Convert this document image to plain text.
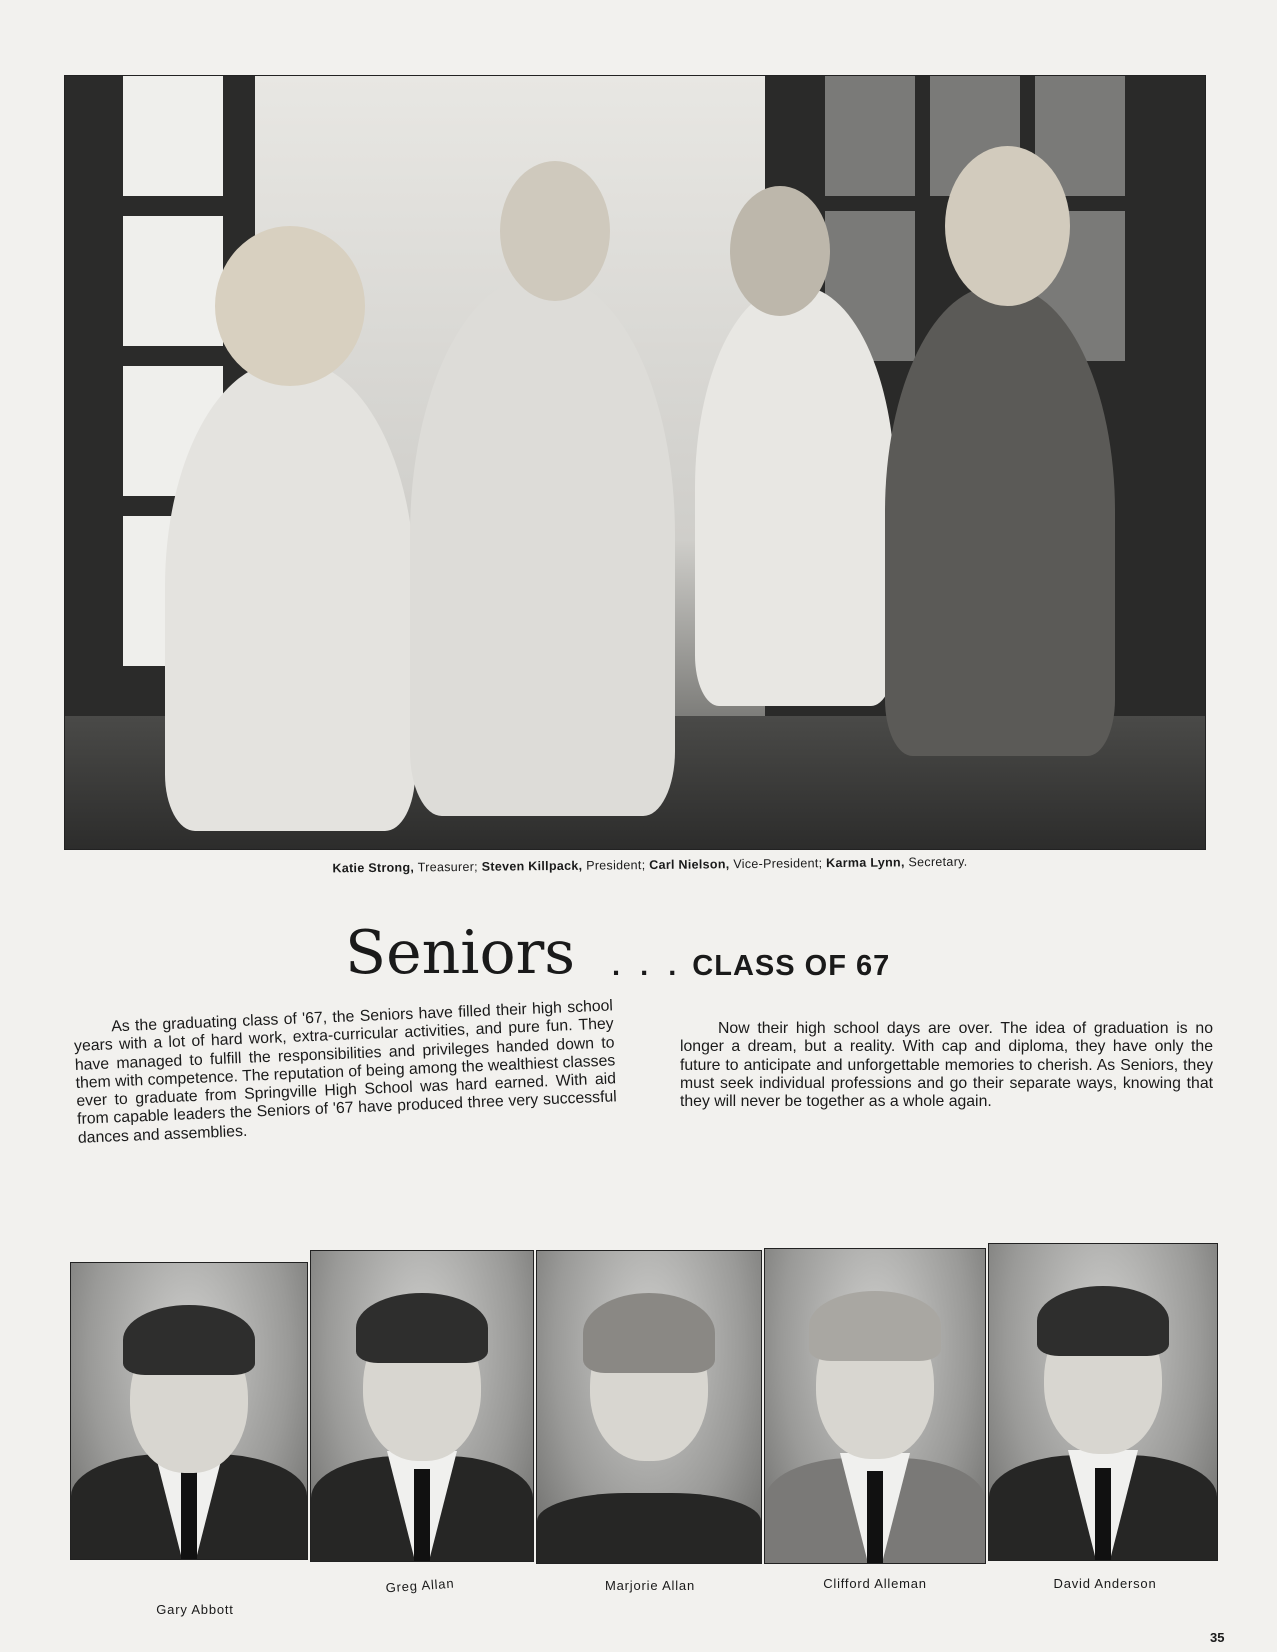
Katie Strong, Treasurer; Steven Killpack, President; Carl Nielson, Vice-President; Karma Lynn, Secretary.
Seniors . . . CLASS OF 67

As the graduating class of '67, the Seniors have filled their high school years with a lot of hard work, extra-curricular activities, and pure fun. They have managed to fulfill the responsibilities and privileges handed down to them with competence. The reputation of being among the wealthiest classes ever to graduate from Springville High School was hard earned. With aid from capable leaders the Seniors of '67 have produced three very successful dances and assemblies.

Now their high school days are over. The idea of graduation is no longer a dream, but a reality. With cap and diploma, they have only the future to anticipate and unforgettable memories to cherish. As Seniors, they must seek individual professions and go their separate ways, knowing that they will never be together as a whole again.

Gary Abbott
Greg Allan	Marjorie Allan	Clifford Alleman	David Anderson
35
